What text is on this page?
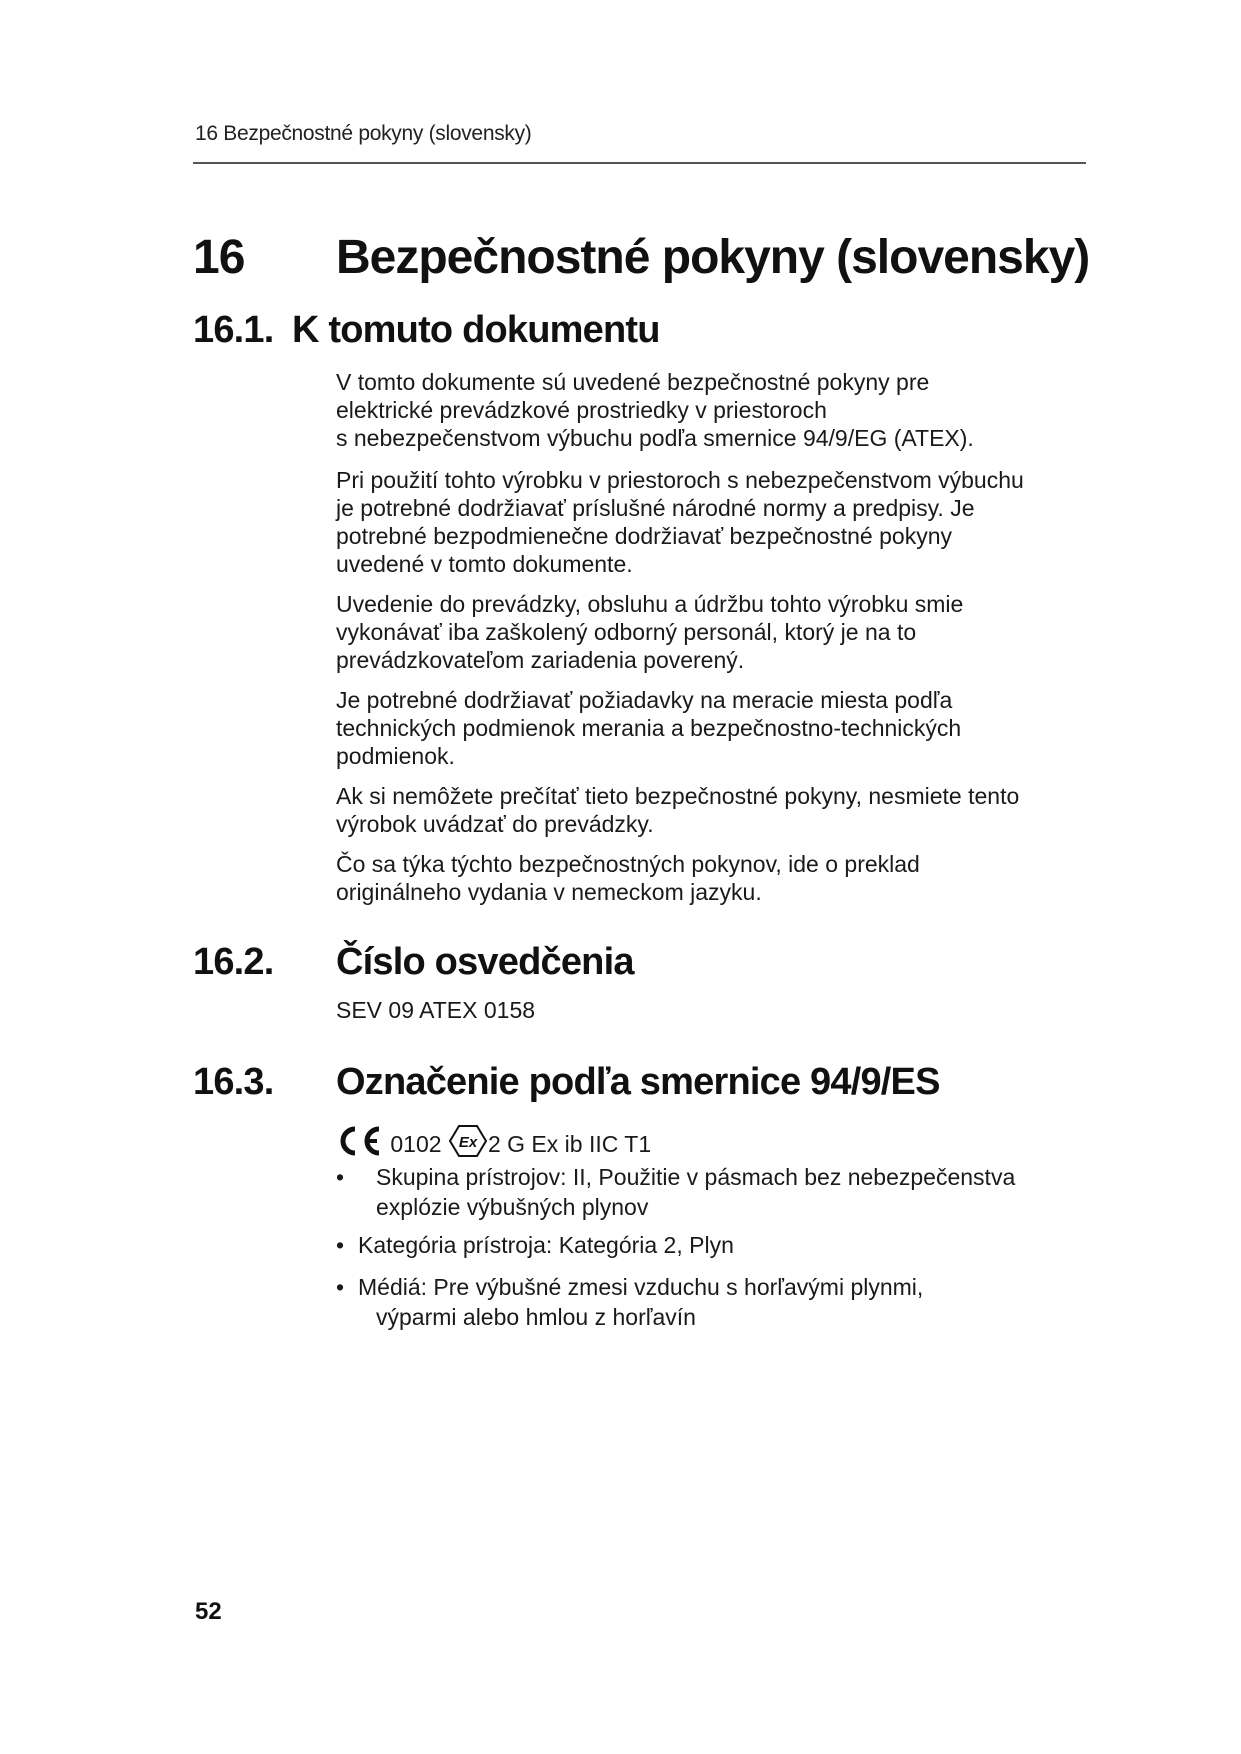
16 Bezpečnostné pokyny (slovensky)
16 Bezpečnostné pokyny (slovensky)
16.1. K tomuto dokumentu

V tomto dokumente sú uvedené bezpečnostné pokyny pre

elektrické prevádzkové prostriedky v priestoroch

s nebezpečenstvom výbuchu podľa smernice 94/9/EG (ATEX).

Pri použití tohto výrobku v priestoroch s nebezpečenstvom výbuchu

je potrebné dodržiavať príslušné národné normy a predpisy. Je

potrebné bezpodmienečne dodržiavať bezpečnostné pokyny

uvedené v tomto dokumente.

Uvedenie do prevádzky, obsluhu a údržbu tohto výrobku smie

vykonávať iba zaškolený odborný personál, ktorý je na to

prevádzkovateľom zariadenia poverený.

Je potrebné dodržiavať požiadavky na meracie miesta podľa

technických podmienok merania a bezpečnostno-technických

podmienok.

Ak si nemôžete prečítať tieto bezpečnostné pokyny, nesmiete tento

výrobok uvádzať do prevádzky.

Čo sa týka týchto bezpečnostných pokynov, ide o preklad

originálneho vydania v nemeckom jazyku.

16.2. Číslo osvedčenia
SEV 09 ATEX 0158
16.3. Označenie podľa smernice 94/9/ES
0102 Ex 2 G Ex ib IIC T1
• Skupina prístrojov: II, Použitie v pásmach bez nebezpečenstva
explózie výbušných plynov
• Kategória prístroja: Kategória 2, Plyn
• Médiá: Pre výbušné zmesi vzduchu s horľavými plynmi,
výparmi alebo hmlou z horľavín
52
